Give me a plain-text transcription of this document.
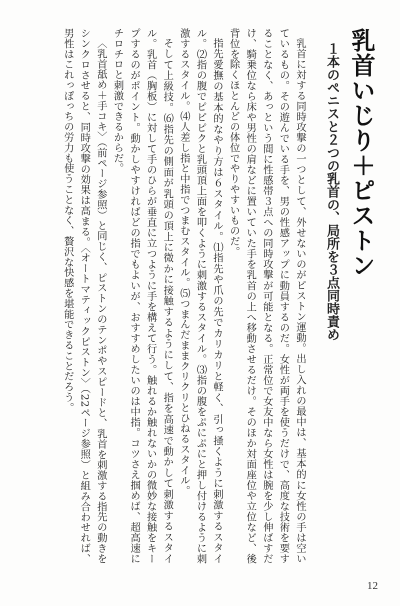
乳首いじり＋ピストン
１本のペニスと２つの乳首の、局所を３点同時責め

乳首に対する同時攻撃の一つとして、外せないのがピストン運動。出し入れの最中は、基本的に女性の手は空いているもの。その遊んでいる手を、男の性感アップに動員するのだ。女性が両手を使うだけで、高度な技術を要することなく、あっという間に性感帯３点への同時攻撃が可能となる。正常位で女友中なら女性は腕を少し伸ばすだけ、騎乗位なら床や男性の肩などに置いていた手を乳首の上へ移動させるだけ。そのほか対面座位や立位など、後背位を除くほとんどの体位でやりやすいものだ。

指先愛撫の基本的なやり方は６スタイル。⑴指先や爪の先でカリカリと軽く、引っ掻くように刺激するスタイル。⑵指の腹でピピピクと乳頭頂上面を叩くように刺激するスタイル。⑶指の腹をぷにぷにと押し付けるように刺激するスタイル。⑷人差し指と中指でつまむスタイル。⑸つまんだままクリクリとひねるスタイル。

そして上級技。⑹指先の側面が乳頭の頂上に微かに接触するようにして、指を高速で動かして刺激するスタイル。乳首（胸板）に対して手のひらが垂直に立つように手を構えて行う。触れるか触れないかの微妙な接触をキープするのがポイント。動かしやすければどの指でもよいが、おすすめしたいのは中指。コツさえ掴めば、超高速にチロチロと刺激できるからだ。

〈乳首舐め＋手コキ〉（前ページ参照）と同じく、ピストンのテンポやスピードと、乳首を刺激する指先の動きをシンクロさせると、同時攻撃の効果は高まる。〈オートマティックピストン〉（22ページ参照）と組み合わせれば、男性はこれっぽっちの労力も使うことなく、贅沢な快感を堪能できることだろう。

12
